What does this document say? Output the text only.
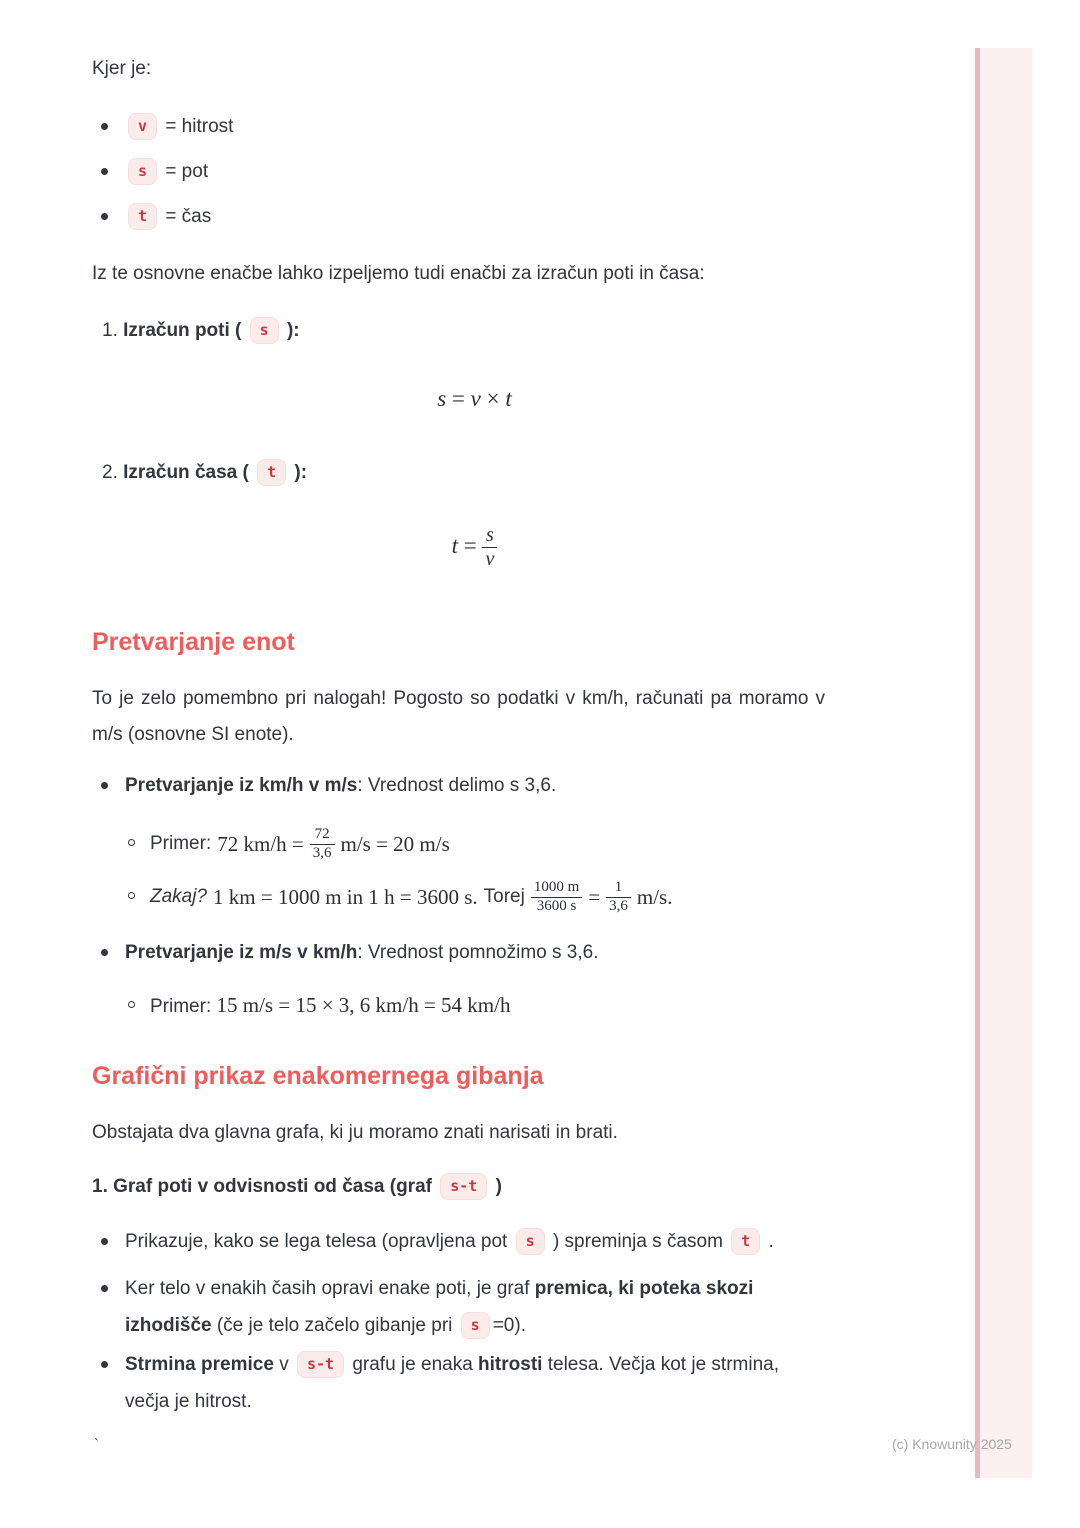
Kjer je:

v = hitrost
s = pot
t = čas

Iz te osnovne enačbe lahko izpeljemo tudi enačbi za izračun poti in časa:

1. Izračun poti ( s ):
s = v × t
2. Izračun časa ( t ):
$t = \frac{s}{v}$
Pretvarjanje enot

To je zelo pomembno pri nalogah! Pogosto so podatki v km/h, računati pa moramo v m/s (osnovne SI enote).

Pretvarjanje iz km/h v m/s: Vrednost delimo s 3,6.
Primer: 72 $km/h = \frac{72}{3,6} m/s = 20$ m/s
Zakaj? 1 km = 1000 m in 1 h = 3600 s. Torej $\frac{1000 m}{3600 s} = \frac{1}{3,6} m/s$.
Pretvarjanje iz m/s v km/h: Vrednost pomnožimo s 3,6.
Primer: 15 m/s = 15 × 3, 6 km/h = 54 km/h
Grafični prikaz enakomernega gibanja

Obstajata dva glavna grafa, ki ju moramo znati narisati in brati.

1. Graf poti v odvisnosti od časa (graf s-t )
Prikazuje, kako se lega telesa (opravljena pot s ) spreminja s časom t .
Ker telo v enakih časih opravi enake poti, je graf premica, ki poteka skozi izhodišče (če je telo začelo gibanje pri s =0).
Strmina premice v s-t grafu je enaka hitrosti telesa. Večja kot je strmina, večja je hitrost.
`	(c) Knowunity 2025
